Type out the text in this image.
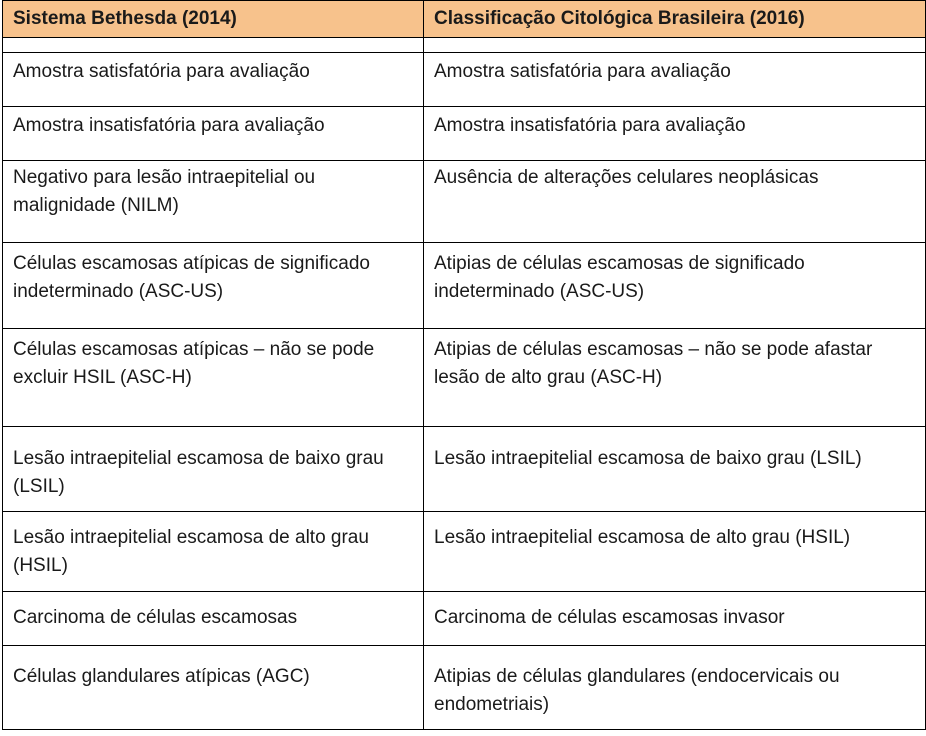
Sistema Bethesda (2014)	Classificação Citológica Brasileira (2016)

Amostra satisfatória para avaliação	Amostra satisfatória para avaliação
Amostra insatisfatória para avaliação	Amostra insatisfatória para avaliação
Negativo para lesão intraepitelial ou malignidade (NILM)	Ausência de alterações celulares neoplásicas
Células escamosas atípicas de significado indeterminado (ASC-US)	Atipias de células escamosas de significado indeterminado (ASC-US)
Células escamosas atípicas – não se pode excluir HSIL (ASC-H)	Atipias de células escamosas – não se pode afastar lesão de alto grau (ASC-H)
Lesão intraepitelial escamosa de baixo grau (LSIL)	Lesão intraepitelial escamosa de baixo grau (LSIL)
Lesão intraepitelial escamosa de alto grau (HSIL)	Lesão intraepitelial escamosa de alto grau (HSIL)
Carcinoma de células escamosas	Carcinoma de células escamosas invasor
Células glandulares atípicas (AGC)	Atipias de células glandulares (endocervicais ou endometriais)
